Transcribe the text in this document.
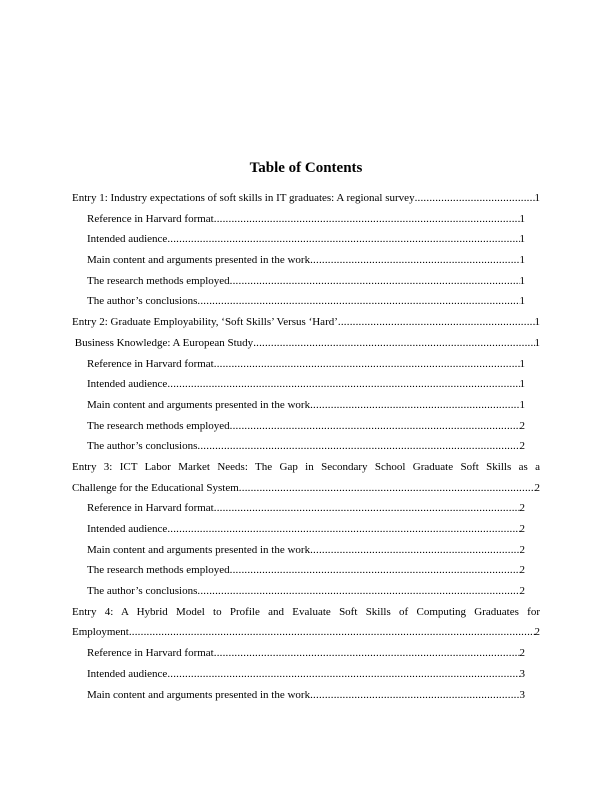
Table of Contents
Entry 1: Industry expectations of soft skills in IT graduates: A regional survey .....	1
Reference in Harvard format .....	1
Intended audience .....	1
Main content and arguments presented in the work .....	1
The research methods employed .....	1
The author’s conclusions .....	1
Entry 2: Graduate Employability, ‘Soft Skills’ Versus ‘Hard’ .....	1
Business Knowledge: A European Study .....	1
Reference in Harvard format .....	1
Intended audience .....	1
Main content and arguments presented in the work .....	1
The research methods employed .....	2
The author’s conclusions .....	2
Entry 3: ICT Labor Market Needs: The Gap in Secondary School Graduate Soft Skills as a
Challenge for the Educational System .....	2
Reference in Harvard format .....	2
Intended audience .....	2
Main content and arguments presented in the work .....	2
The research methods employed .....	2
The author’s conclusions .....	2
Entry 4: A Hybrid Model to Profile and Evaluate Soft Skills of Computing Graduates for
Employment .....	2
Reference in Harvard format .....	2
Intended audience .....	3
Main content and arguments presented in the work .....	3
